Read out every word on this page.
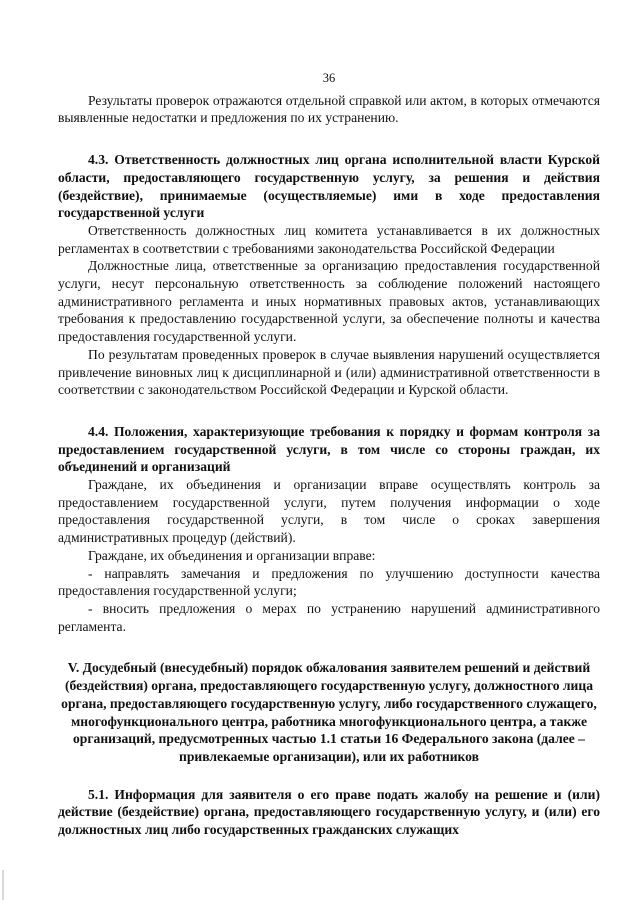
36

Результаты проверок отражаются отдельной справкой или актом, в которых отмечаются выявленные недостатки и предложения по их устранению.

4.3. Ответственность должностных лиц органа исполнительной власти Курской области, предоставляющего государственную услугу, за решения и действия (бездействие), принимаемые (осуществляемые) ими в ходе предоставления государственной услуги

Ответственность должностных лиц комитета устанавливается в их должностных регламентах в соответствии с требованиями законодательства Российской Федерации

Должностные лица, ответственные за организацию предоставления государственной услуги, несут персональную ответственность за соблюдение положений настоящего административного регламента и иных нормативных правовых актов, устанавливающих требования к предоставлению государственной услуги, за обеспечение полноты и качества предоставления государственной услуги.

По результатам проведенных проверок в случае выявления нарушений осуществляется привлечение виновных лиц к дисциплинарной и (или) административной ответственности в соответствии с законодательством Российской Федерации и Курской области.

4.4. Положения, характеризующие требования к порядку и формам контроля за предоставлением государственной услуги, в том числе со стороны граждан, их объединений и организаций

Граждане, их объединения и организации вправе осуществлять контроль за предоставлением государственной услуги, путем получения информации о ходе предоставления государственной услуги, в том числе о сроках завершения административных процедур (действий).

Граждане, их объединения и организации вправе:

- направлять замечания и предложения по улучшению доступности качества предоставления государственной услуги;

- вносить предложения о мерах по устранению нарушений административного регламента.

V. Досудебный (внесудебный) порядок обжалования заявителем решений и действий (бездействия) органа, предоставляющего государственную услугу, должностного лица органа, предоставляющего государственную услугу, либо государственного служащего, многофункционального центра, работника многофункционального центра, а также организаций, предусмотренных частью 1.1 статьи 16 Федерального закона (далее – привлекаемые организации), или их работников

5.1. Информация для заявителя о его праве подать жалобу на решение и (или) действие (бездействие) органа, предоставляющего государственную услугу, и (или) его должностных лиц либо государственных гражданских служащих
